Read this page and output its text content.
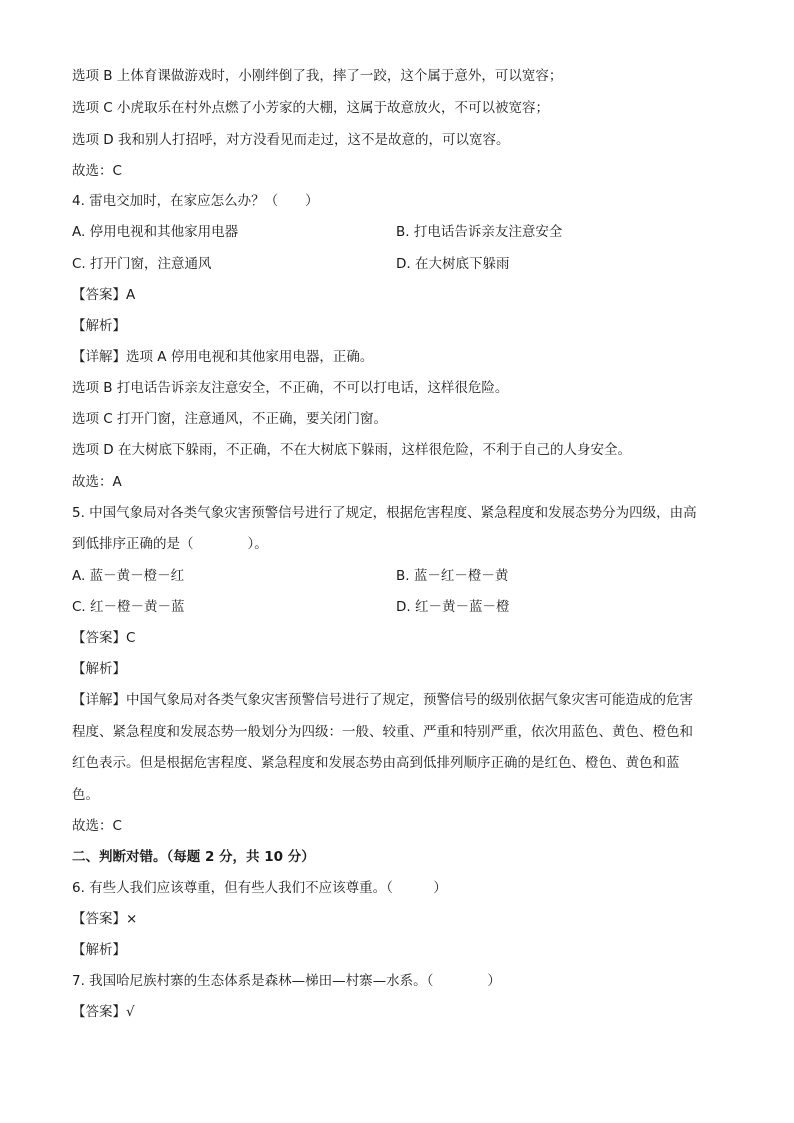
选项 B 上体育课做游戏时，小刚绊倒了我，摔了一跤，这个属于意外，可以宽容；

选项 C 小虎取乐在村外点燃了小芳家的大棚，这属于故意放火，不可以被宽容；

选项 D 我和别人打招呼，对方没看见而走过，这不是故意的，可以宽容。

故选：C

4. 雷电交加时，在家应怎么办？（　　）

A. 停用电视和其他家用电器	B. 打电话告诉亲友注意安全

C. 打开门窗，注意通风	D. 在大树底下躲雨

【答案】A

【解析】

【详解】选项 A 停用电视和其他家用电器，正确。

选项 B 打电话告诉亲友注意安全，不正确，不可以打电话，这样很危险。

选项 C 打开门窗，注意通风，不正确，要关闭门窗。

选项 D 在大树底下躲雨，不正确，不在大树底下躲雨，这样很危险，不利于自己的人身安全。

故选：A

5. 中国气象局对各类气象灾害预警信号进行了规定，根据危害程度、紧急程度和发展态势分为四级，由高

到低排序正确的是（　　　　）。

A. 蓝－黄－橙－红	B. 蓝－红－橙－黄

C. 红－橙－黄－蓝	D. 红－黄－蓝－橙

【答案】C

【解析】

【详解】中国气象局对各类气象灾害预警信号进行了规定，预警信号的级别依据气象灾害可能造成的危害

程度、紧急程度和发展态势一般划分为四级：一般、较重、严重和特别严重，依次用蓝色、黄色、橙色和

红色表示。但是根据危害程度、紧急程度和发展态势由高到低排列顺序正确的是红色、橙色、黄色和蓝

色。

故选：C

二、判断对错。（每题 2 分，共 10 分）

6. 有些人我们应该尊重，但有些人我们不应该尊重。（　　　）

【答案】×

【解析】

7. 我国哈尼族村寨的生态体系是森林—梯田—村寨—水系。（　　　　）

【答案】√
